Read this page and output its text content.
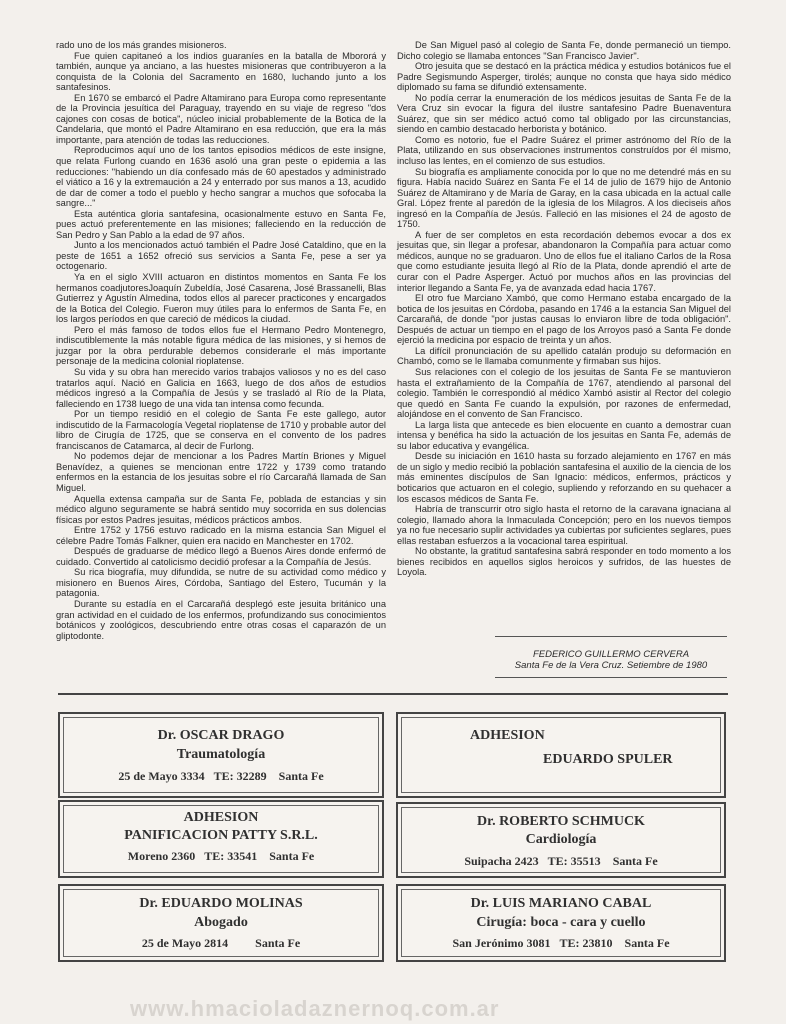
rado uno de los más grandes misioneros.

Fue quien capitaneó a los indios guaraníes en la batalla de Mbororá y también, aunque ya anciano, a las huestes misioneras que contribuyeron a la conquista de la Colonia del Sacramento en 1680, luchando junto a los santafesinos.

En 1670 se embarcó el Padre Altamirano para Europa como representante de la Provincia jesuítica del Paraguay, trayendo en su viaje de regreso "dos cajones con cosas de botica", núcleo inicial probablemente de la Botica de la Candelaria, que montó el Padre Altamirano en esa reducción, que era la más importante, para atención de todas las reducciones.

Reproducimos aquí uno de los tantos episodios médicos de este insigne, que relata Furlong cuando en 1636 asoló una gran peste o epidemia a las reducciones: "habiendo un día confesado más de 60 apestados y administrado el viático a 16 y la extremaución a 24 y enterrado por sus manos a 13, acudido de dar de comer a todo el pueblo y hecho sangrar a muchos que sofocaba la sangre..."

Esta auténtica gloria santafesina, ocasionalmente estuvo en Santa Fe, pues actuó preferentemente en las misiones; falleciendo en la reducción de San Pedro y San Pablo a la edad de 97 años.

Junto a los mencionados actuó también el Padre José Cataldino, que en la peste de 1651 a 1652 ofreció sus servicios a Santa Fe, pese a ser ya octogenario.

Ya en el siglo XVIII actuaron en distintos momentos en Santa Fe los hermanos coadjutoresJoaquín Zubeldía, José Casarena, José Brassanelli, Blas Gutierrez y Agustín Almedina, todos ellos al parecer practicones y encargados de la Botica del Colegio. Fueron muy útiles para lo enfermos de Santa Fe, en los largos períodos en que careció de médicos la ciudad.

Pero el más famoso de todos ellos fue el Hermano Pedro Montenegro, indiscutiblemente la más notable figura médica de las misiones, y si hemos de juzgar por la obra perdurable debemos considerarle el más importante personaje de la medicina colonial rioplatense.

Su vida y su obra han merecido varios trabajos valiosos y no es del caso tratarlos aquí. Nació en Galicia en 1663, luego de dos años de estudios médicos ingresó a la Compañía de Jesús y se trasladó al Río de la Plata, falleciendo en 1738 luego de una vida tan intensa como fecunda.

Por un tiempo residió en el colegio de Santa Fe este gallego, autor indiscutido de la Farmacología Vegetal rioplatense de 1710 y probable autor del libro de Cirugía de 1725, que se conserva en el convento de los padres franciscanos de Catamarca, al decir de Furlong.

No podemos dejar de mencionar a los Padres Martín Briones y Miguel Benavídez, a quienes se mencionan entre 1722 y 1739 como tratando enfermos en la estancia de los jesuitas sobre el río Carcarañá llamada de San Miguel.

Aquella extensa campaña sur de Santa Fe, poblada de estancias y sin médico alguno seguramente se habrá sentido muy socorrida en sus dolencias físicas por estos Padres jesuitas, médicos prácticos ambos.

Entre 1752 y 1756 estuvo radicado en la misma estancia San Miguel el célebre Padre Tomás Falkner, quien era nacido en Manchester en 1702.

Después de graduarse de médico llegó a Buenos Aires donde enfermó de cuidado. Convertido al catolicismo decidió profesar a la Compañía de Jesús.

Su rica biografía, muy difundida, se nutre de su actividad como médico y misionero en Buenos Aires, Córdoba, Santiago del Estero, Tucumán y la patagonia.

Durante su estadía en el Carcarañá desplegó este jesuita británico una gran actividad en el cuidado de los enfermos, profundizando sus conocimientos botánicos y zoológicos, descubriendo entre otras cosas el caparazón de un gliptodonte.

De San Miguel pasó al colegio de Santa Fe, donde permaneció un tiempo. Dicho colegio se llamaba entonces "San Francisco Javier".

Otro jesuita que se destacó en la práctica médica y estudios botánicos fue el Padre Segismundo Asperger, tirolés; aunque no consta que haya sido médico diplomado su fama se difundió extensamente.

No podía cerrar la enumeración de los médicos jesuitas de Santa Fe de la Vera Cruz sin evocar la figura del ilustre santafesino Padre Buenaventura Suárez, que sin ser médico actuó como tal obligado por las circunstancias, siendo en cambio destacado herborista y botánico.

Como es notorio, fue el Padre Suárez el primer astrónomo del Río de la Plata, utilizando en sus observaciones instrumentos construídos por él mismo, incluso las lentes, en el comienzo de sus estudios.

Su biografía es ampliamente conocida por lo que no me detendré más en su figura. Había nacido Suárez en Santa Fe el 14 de julio de 1679 hijo de Antonio Suárez de Altamirano y de María de Garay, en la casa ubicada en la actual calle Gral. López frente al paredón de la iglesia de los Milagros. A los dieciseis años ingresó en la Compañía de Jesús. Falleció en las misiones el 24 de agosto de 1750.

A fuer de ser completos en esta recordación debemos evocar a dos ex jesuitas que, sin llegar a profesar, abandonaron la Compañía para actuar como médicos, aunque no se graduaron. Uno de ellos fue el italiano Carlos de la Rosa que como estudiante jesuita llegó al Río de la Plata, donde aprendió el arte de curar con el Padre Asperger. Actuó por muchos años en las provincias del interior llegando a Santa Fe, ya de avanzada edad hacia 1767.

El otro fue Marciano Xambó, que como Hermano estaba encargado de la botica de los jesuitas en Córdoba, pasando en 1746 a la estancia San Miguel del Carcarañá, de donde "por justas causas lo enviaron libre de toda obligación". Después de actuar un tiempo en el pago de los Arroyos pasó a Santa Fe donde ejerció la medicina por espacio de treinta y un años.

La difícil pronunciación de su apellido catalán produjo su deformación en Chambó, como se le llamaba comunmente y firmaban sus hijos.

Sus relaciones con el colegio de los jesuitas de Santa Fe se mantuvieron hasta el extrañamiento de la Compañía de 1767, atendiendo al parsonal del colegio. También le correspondió al médico Xambó asistir al Rector del colegio que quedó en Santa Fe cuando la expulsión, por razones de enfermedad, alojándose en el convento de San Francisco.

La larga lista que antecede es bien elocuente en cuanto a demostrar cuan intensa y benéfica ha sido la actuación de los jesuitas en Santa Fe, además de su labor educativa y evangélica.

Desde su iniciación en 1610 hasta su forzado alejamiento en 1767 en más de un siglo y medio recibió la población santafesina el auxilio de la ciencia de los más eminentes discípulos de San Ignacio: médicos, enfermos, prácticos y boticarios que actuaron en el colegio, supliendo y reforzando en su quehacer a los escasos médicos de Santa Fe.

Habría de transcurrir otro siglo hasta el retorno de la caravana ignaciana al colegio, llamado ahora la Inmaculada Concepción; pero en los nuevos tiempos ya no fue necesario suplir actividades ya cubiertas por suficientes seglares, pues ellas restaban esfuerzos a la vocacional tarea espiritual.

No obstante, la gratitud santafesina sabrá responder en todo momento a los bienes recibidos en aquellos siglos heroicos y sufridos, de las huestes de Loyola.

FEDERICO GUILLERMO CERVERA
Santa Fe de la Vera Cruz. Setiembre de 1980
Dr. OSCAR DRAGO
Traumatología
25 de Mayo 3334 TE: 32289 Santa Fe
ADHESION
EDUARDO SPULER
ADHESION
PANIFICACION PATTY S.R.L.
Moreno 2360 TE: 33541 Santa Fe
Dr. ROBERTO SCHMUCK
Cardiología
Suipacha 2423 TE: 35513 Santa Fe
Dr. EDUARDO MOLINAS
Abogado
25 de Mayo 2814 Santa Fe
Dr. LUIS MARIANO CABAL
Cirugía: boca - cara y cuello
San Jerónimo 3081 TE: 23810 Santa Fe
www.hmacioladaznernoq.com.ar
